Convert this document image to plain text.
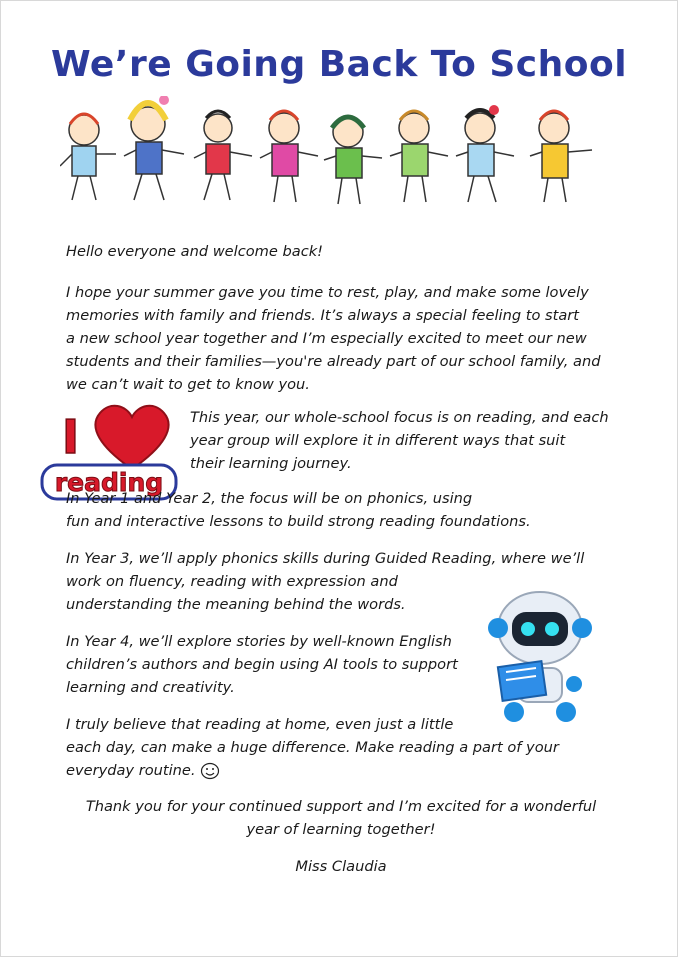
We’re Going Back To School

Hello everyone and welcome back!

I hope your summer gave you time to rest, play, and make some lovely
memories with family and friends. It’s always a special feeling to start
a new school year together and I’m especially excited to meet our new
students and their families—you're already part of our school family, and
we can’t wait to get to know you.

I
reading

This year, our whole-school focus is on reading, and each
year group will explore it in different ways that suit
their learning journey.

In Year 1 and Year 2, the focus will be on phonics, using
fun and interactive lessons to build strong reading foundations.

In Year 3, we’ll apply phonics skills during Guided Reading, where we’ll
work on fluency, reading with expression and
understanding the meaning behind the words.

In Year 4, we’ll explore stories by well-known English
children’s authors and begin using AI tools to support
learning and creativity.

I truly believe that reading at home, even just a little
each day, can make a huge difference. Make reading a part of your
everyday routine.

Thank you for your continued support and I’m excited for a wonderful
year of learning together!

Miss Claudia
